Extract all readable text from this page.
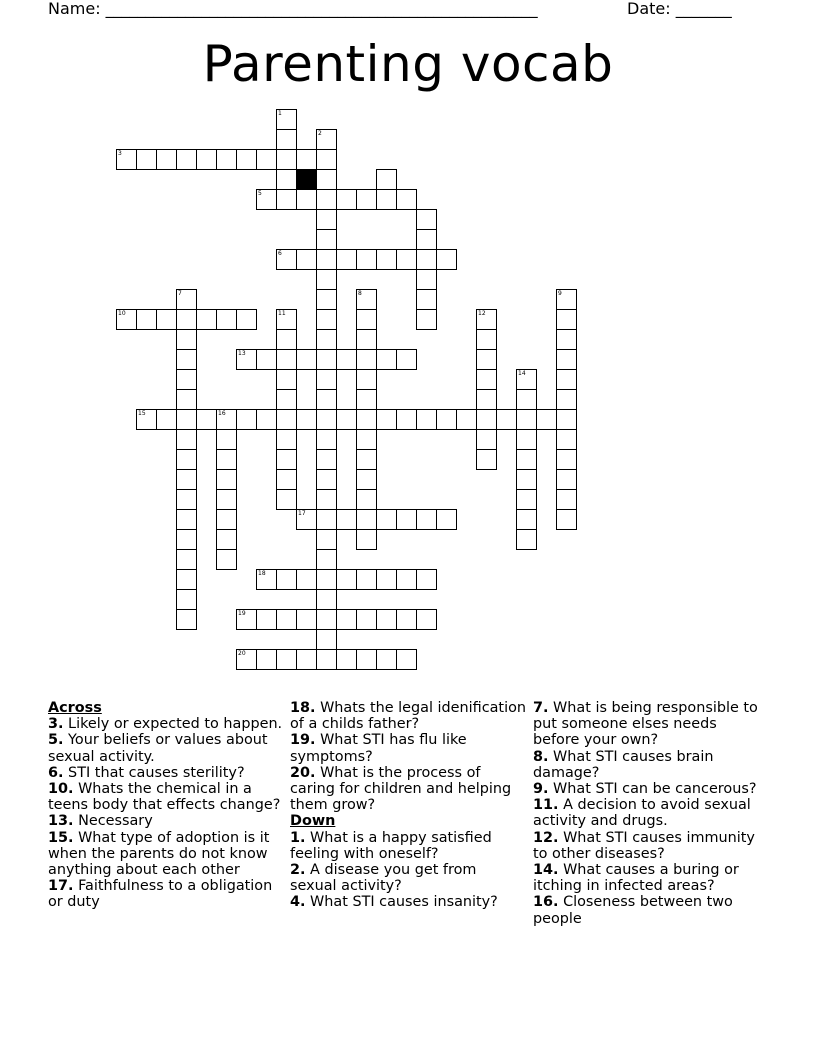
Name: ______________________________________________________	Date: _______
Parenting vocab
1
2
3
5
6
7	8	9
10	11	12
13
14
15	16
17
18
19
20
Across
3. Likely or expected to happen.
5. Your beliefs or values about sexual activity.
6. STI that causes sterility?
10. Whats the chemical in a teens body that effects change?
13. Necessary
15. What type of adoption is it when the parents do not know anything about each other
17. Faithfulness to a obligation or duty
18. Whats the legal idenification of a childs father?
19. What STI has flu like symptoms?
20. What is the process of caring for children and helping them grow?
Down
1. What is a happy satisfied feeling with oneself?
2. A disease you get from sexual activity?
4. What STI causes insanity?
7. What is being responsible to put someone elses needs before your own?
8. What STI causes brain damage?
9. What STI can be cancerous?
11. A decision to avoid sexual activity and drugs.
12. What STI causes immunity to other diseases?
14. What causes a buring or itching in infected areas?
16. Closeness between two people
